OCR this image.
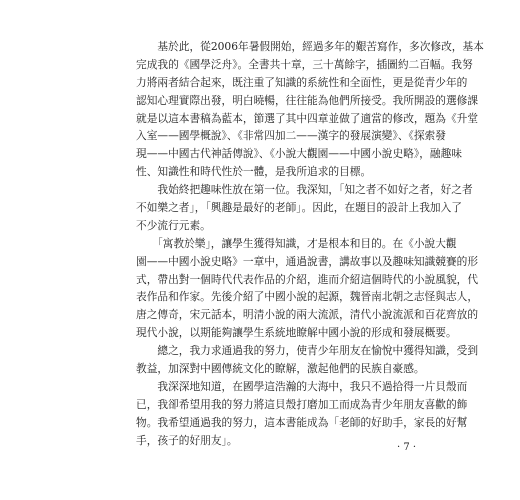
　　基於此，從2006年暑假開始，經過多年的艱苦寫作，多次修改，基本
完成我的《國學泛舟》。全書共十章，三十萬餘字，插圖約二百幅。我努
力將兩者結合起來，既注重了知識的系統性和全面性，更是從青少年的
認知心理實際出發，明白曉暢，往往能為他們所接受。我所開設的選修課
就是以這本書稿為藍本，節選了其中四章並做了適當的修改，題為《升堂
入室——國學概說》、《非常四加二——漢字的發展演變》、《探索發
現——中國古代神話傳說》、《小說大觀園——中國小說史略》，融趣味
性、知識性和時代性於一體，是我所追求的目標。
　　我始終把趣味性放在第一位。我深知，「知之者不如好之者，好之者
不如樂之者」，「興趣是最好的老師」。因此，在題目的設計上我加入了
不少流行元素。
　　「寓教於樂」，讓學生獲得知識，才是根本和目的。在《小說大觀
園——中國小說史略》一章中，通過說書，講故事以及趣味知識競賽的形
式，帶出對一個時代代表作品的介紹，進而介紹這個時代的小說風貌，代
表作品和作家。先後介紹了中國小說的起源，魏晉南北朝之志怪與志人，
唐之傳奇，宋元話本，明清小說的兩大流派，清代小說流派和百花齊放的
現代小說，以期能夠讓學生系統地瞭解中國小說的形成和發展概要。
　　總之，我力求通過我的努力，使青少年朋友在愉悅中獲得知識，受到
教益，加深對中國傳統文化的瞭解，激起他們的民族自豪感。
　　我深深地知道，在國學這浩瀚的大海中，我只不過拾得一片貝殼而
已，我卻希望用我的努力將這貝殼打磨加工而成為青少年朋友喜歡的飾
物。我希望通過我的努力，這本書能成為「老師的好助手，家長的好幫
手，孩子的好朋友」。
· 7 ·
